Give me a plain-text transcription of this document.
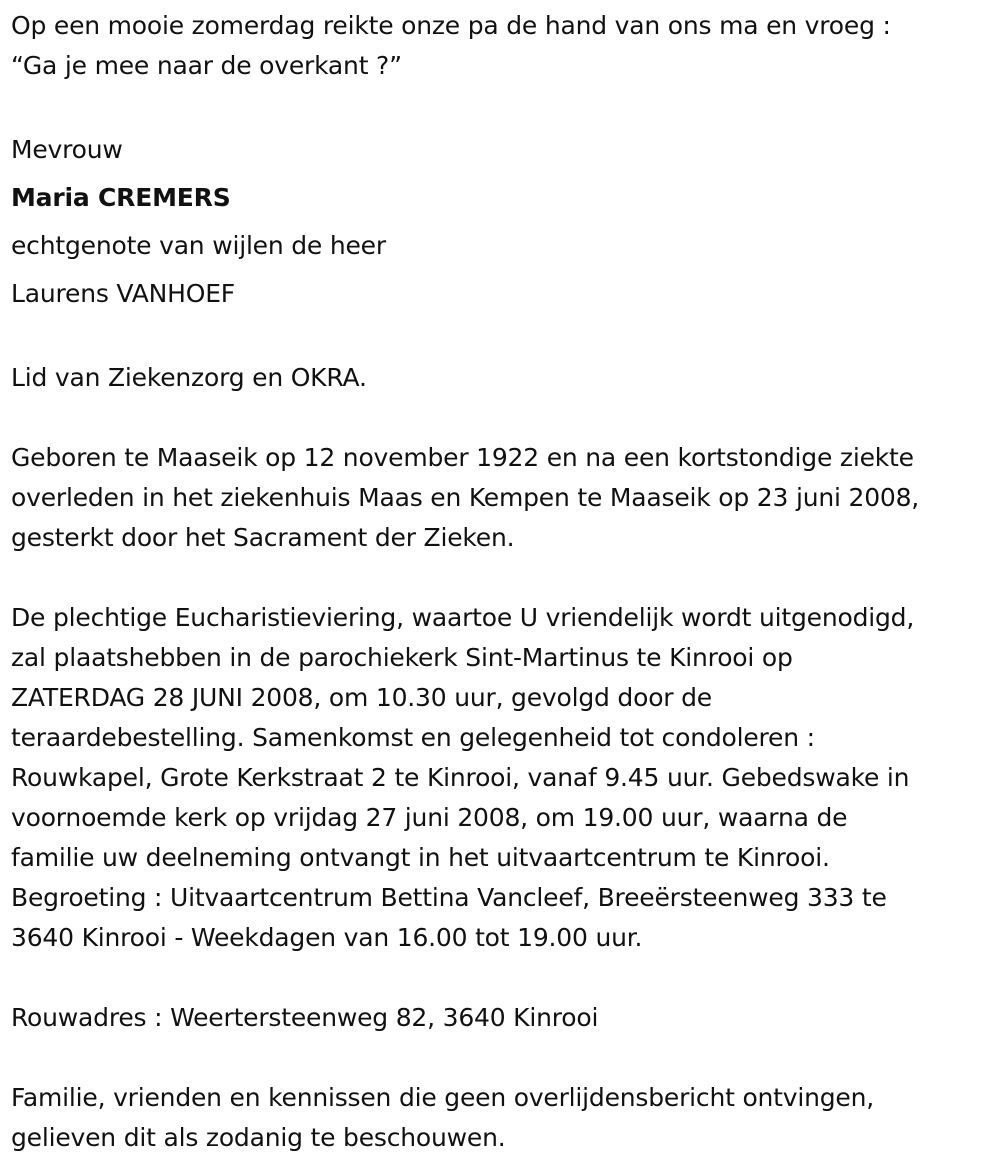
Op een mooie zomerdag reikte onze pa de hand van ons ma en vroeg :
“Ga je mee naar de overkant ?”

Mevrouw
Maria CREMERS
echtgenote van wijlen de heer
Laurens VANHOEF

Lid van Ziekenzorg en OKRA.

Geboren te Maaseik op 12 november 1922 en na een kortstondige ziekte
overleden in het ziekenhuis Maas en Kempen te Maaseik op 23 juni 2008,
gesterkt door het Sacrament der Zieken.

De plechtige Eucharistieviering, waartoe U vriendelijk wordt uitgenodigd,
zal plaatshebben in de parochiekerk Sint-Martinus te Kinrooi op
ZATERDAG 28 JUNI 2008, om 10.30 uur, gevolgd door de
teraardebestelling. Samenkomst en gelegenheid tot condoleren :
Rouwkapel, Grote Kerkstraat 2 te Kinrooi, vanaf 9.45 uur. Gebedswake in
voornoemde kerk op vrijdag 27 juni 2008, om 19.00 uur, waarna de
familie uw deelneming ontvangt in het uitvaartcentrum te Kinrooi.
Begroeting : Uitvaartcentrum Bettina Vancleef, Breeërsteenweg 333 te
3640 Kinrooi - Weekdagen van 16.00 tot 19.00 uur.

Rouwadres : Weertersteenweg 82, 3640 Kinrooi

Familie, vrienden en kennissen die geen overlijdensbericht ontvingen,
gelieven dit als zodanig te beschouwen.
